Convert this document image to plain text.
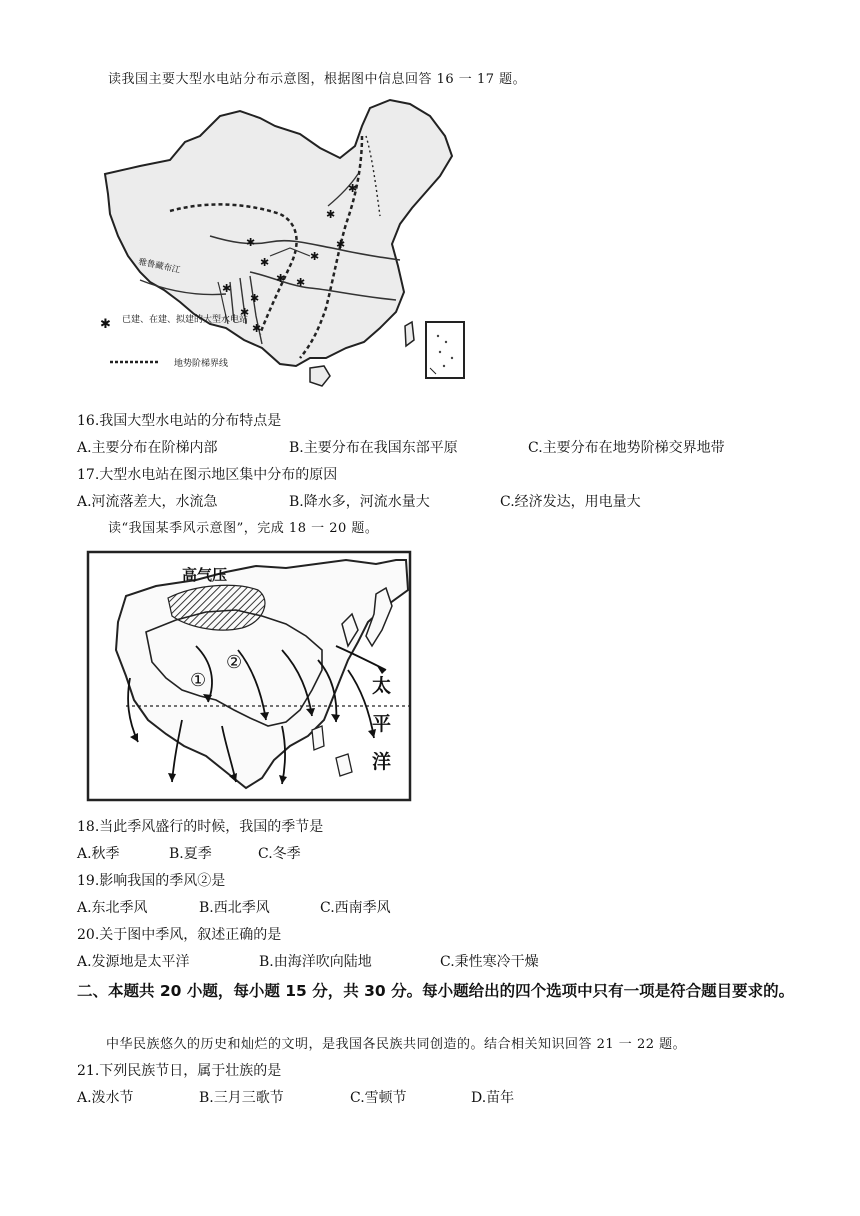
读我国主要大型水电站分布示意图，根据图中信息回答 16 一 17 题。
✱
✱
✱
✱
✱
✱
✱
✱
✱
✱
✱
✱
雅鲁藏布江
✱ 已建、在建、拟建的大型水电站
地势阶梯界线
16.我国大型水电站的分布特点是
A.主要分布在阶梯内部	B.主要分布在我国东部平原	C.主要分布在地势阶梯交界地带
17.大型水电站在图示地区集中分布的原因
A.河流落差大，水流急	B.降水多，河流水量大	C.经济发达，用电量大
读“我国某季风示意图”，完成 18 一 20 题。
高气压
①
②
太
平
洋
18.当此季风盛行的时候，我国的季节是
A.秋季	B.夏季	C.冬季
19.影响我国的季风②是
A.东北季风	B.西北季风	C.西南季风
20.关于图中季风，叙述正确的是
A.发源地是太平洋	B.由海洋吹向陆地	C.秉性寒冷干燥
二、本题共 20 小题，每小题 15 分，共 30 分。每小题给出的四个选项中只有一项是符合题目要求的。
中华民族悠久的历史和灿烂的文明，是我国各民族共同创造的。结合相关知识回答 21 一 22 题。
21.下列民族节日，属于壮族的是
A.泼水节	B.三月三歌节	C.雪顿节	D.苗年
